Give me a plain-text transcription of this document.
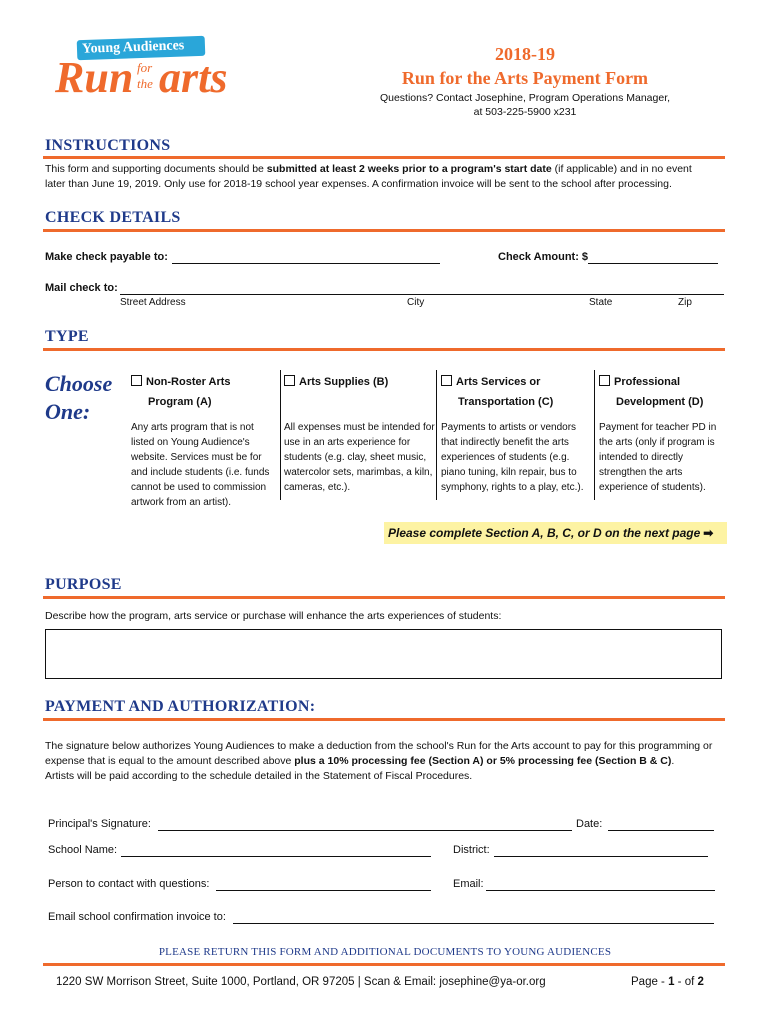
Young Audiences
Run for
the arts	2018-19
Run for the Arts Payment Form
Questions? Contact Josephine, Program Operations Manager,
at 503-225-5900 x231
INSTRUCTIONS
This form and supporting documents should be submitted at least 2 weeks prior to a program's start date (if applicable) and in no event
later than June 19, 2019. Only use for 2018-19 school year expenses. A confirmation invoice will be sent to the school after processing.
CHECK DETAILS
Make check payable to:	Check Amount: $
Mail check to:
Street Address	City	State	Zip
TYPE
Choose
One:
Non-Roster Arts
Program (A)
Any arts program that is not listed on Young Audience's website. Services must be for and include students (i.e. funds cannot be used to commission artwork from an artist).
Arts Supplies (B)

All expenses must be intended for use in an arts experience for students (e.g. clay, sheet music, watercolor sets, marimbas, a kiln, cameras, etc.).
Arts Services or
Transportation (C)
Payments to artists or vendors that indirectly benefit the arts experiences of students (e.g. piano tuning, kiln repair, bus to symphony, rights to a play, etc.).
Professional
Development (D)
Payment for teacher PD in the arts (only if program is intended to directly strengthen the arts experience of students).
Please complete Section A, B, C, or D on the next page ➡
PURPOSE
Describe how the program, arts service or purchase will enhance the arts experiences of students:
PAYMENT AND AUTHORIZATION:
The signature below authorizes Young Audiences to make a deduction from the school's Run for the Arts account to pay for this programming or expense that is equal to the amount described above plus a 10% processing fee (Section A) or 5% processing fee (Section B & C).
Artists will be paid according to the schedule detailed in the Statement of Fiscal Procedures.
Principal's Signature:	Date:
School Name:	District:
Person to contact with questions:	Email:
Email school confirmation invoice to:
PLEASE RETURN THIS FORM AND ADDITIONAL DOCUMENTS TO YOUNG AUDIENCES
1220 SW Morrison Street, Suite 1000, Portland, OR 97205 | Scan & Email: josephine@ya-or.org	Page - 1 - of 2
